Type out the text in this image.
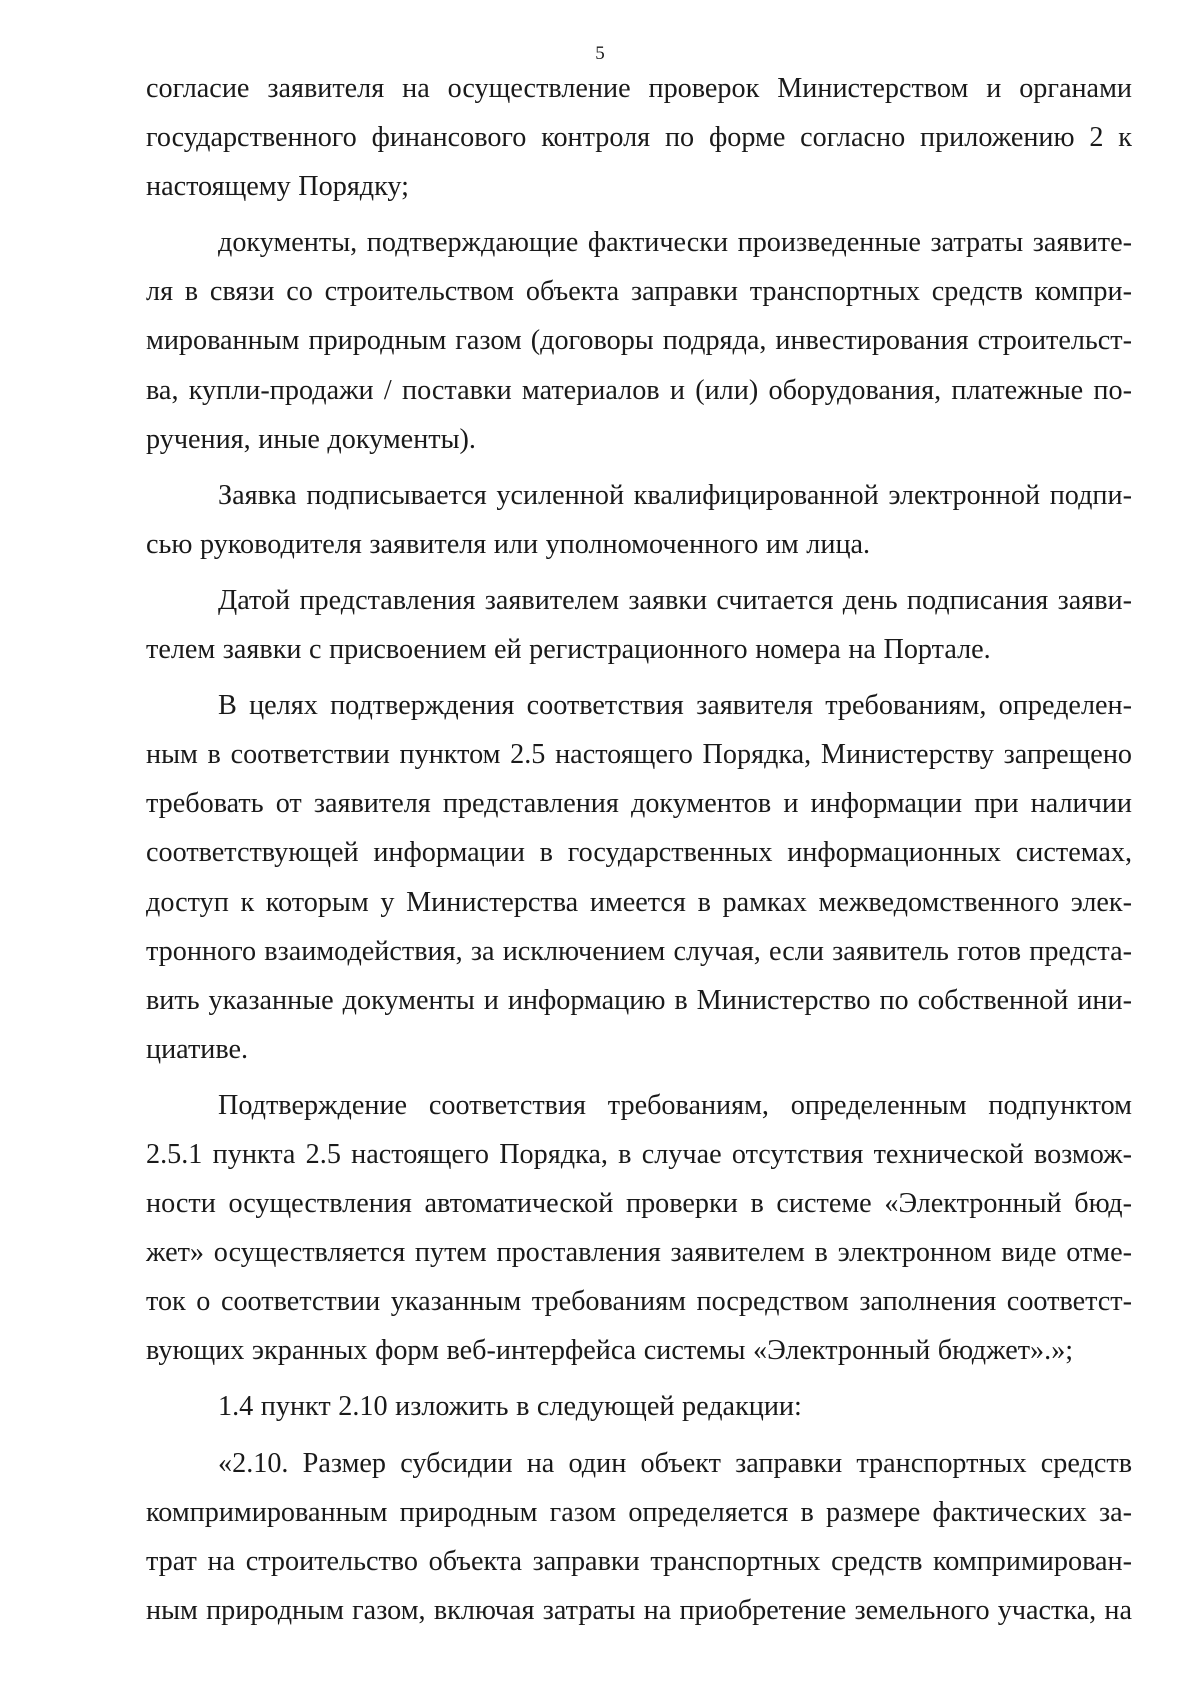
5

согласие заявителя на осуществление проверок Министерством и органами государственного финансового контроля по форме согласно приложению 2 к настоящему Порядку;

документы, подтверждающие фактически произведенные затраты заявителя в связи со строительством объекта заправки транспортных средств компримированным природным газом (договоры подряда, инвестирования строительства, купли-продажи / поставки материалов и (или) оборудования, платежные поручения, иные документы).

Заявка подписывается усиленной квалифицированной электронной подписью руководителя заявителя или уполномоченного им лица.

Датой представления заявителем заявки считается день подписания заявителем заявки с присвоением ей регистрационного номера на Портале.

В целях подтверждения соответствия заявителя требованиям, определенным в соответствии пунктом 2.5 настоящего Порядка, Министерству запрещено требовать от заявителя представления документов и информации при наличии соответствующей информации в государственных информационных системах, доступ к которым у Министерства имеется в рамках межведомственного электронного взаимодействия, за исключением случая, если заявитель готов представить указанные документы и информацию в Министерство по собственной инициативе.

Подтверждение соответствия требованиям, определенным подпунктом 2.5.1 пункта 2.5 настоящего Порядка, в случае отсутствия технической возможности осуществления автоматической проверки в системе «Электронный бюджет» осуществляется путем проставления заявителем в электронном виде отметок о соответствии указанным требованиям посредством заполнения соответствующих экранных форм веб-интерфейса системы «Электронный бюджет».»;

1.4 пункт 2.10 изложить в следующей редакции:

«2.10. Размер субсидии на один объект заправки транспортных средств компримированным природным газом определяется в размере фактических затрат на строительство объекта заправки транспортных средств компримированным природным газом, включая затраты на приобретение земельного участка, на
